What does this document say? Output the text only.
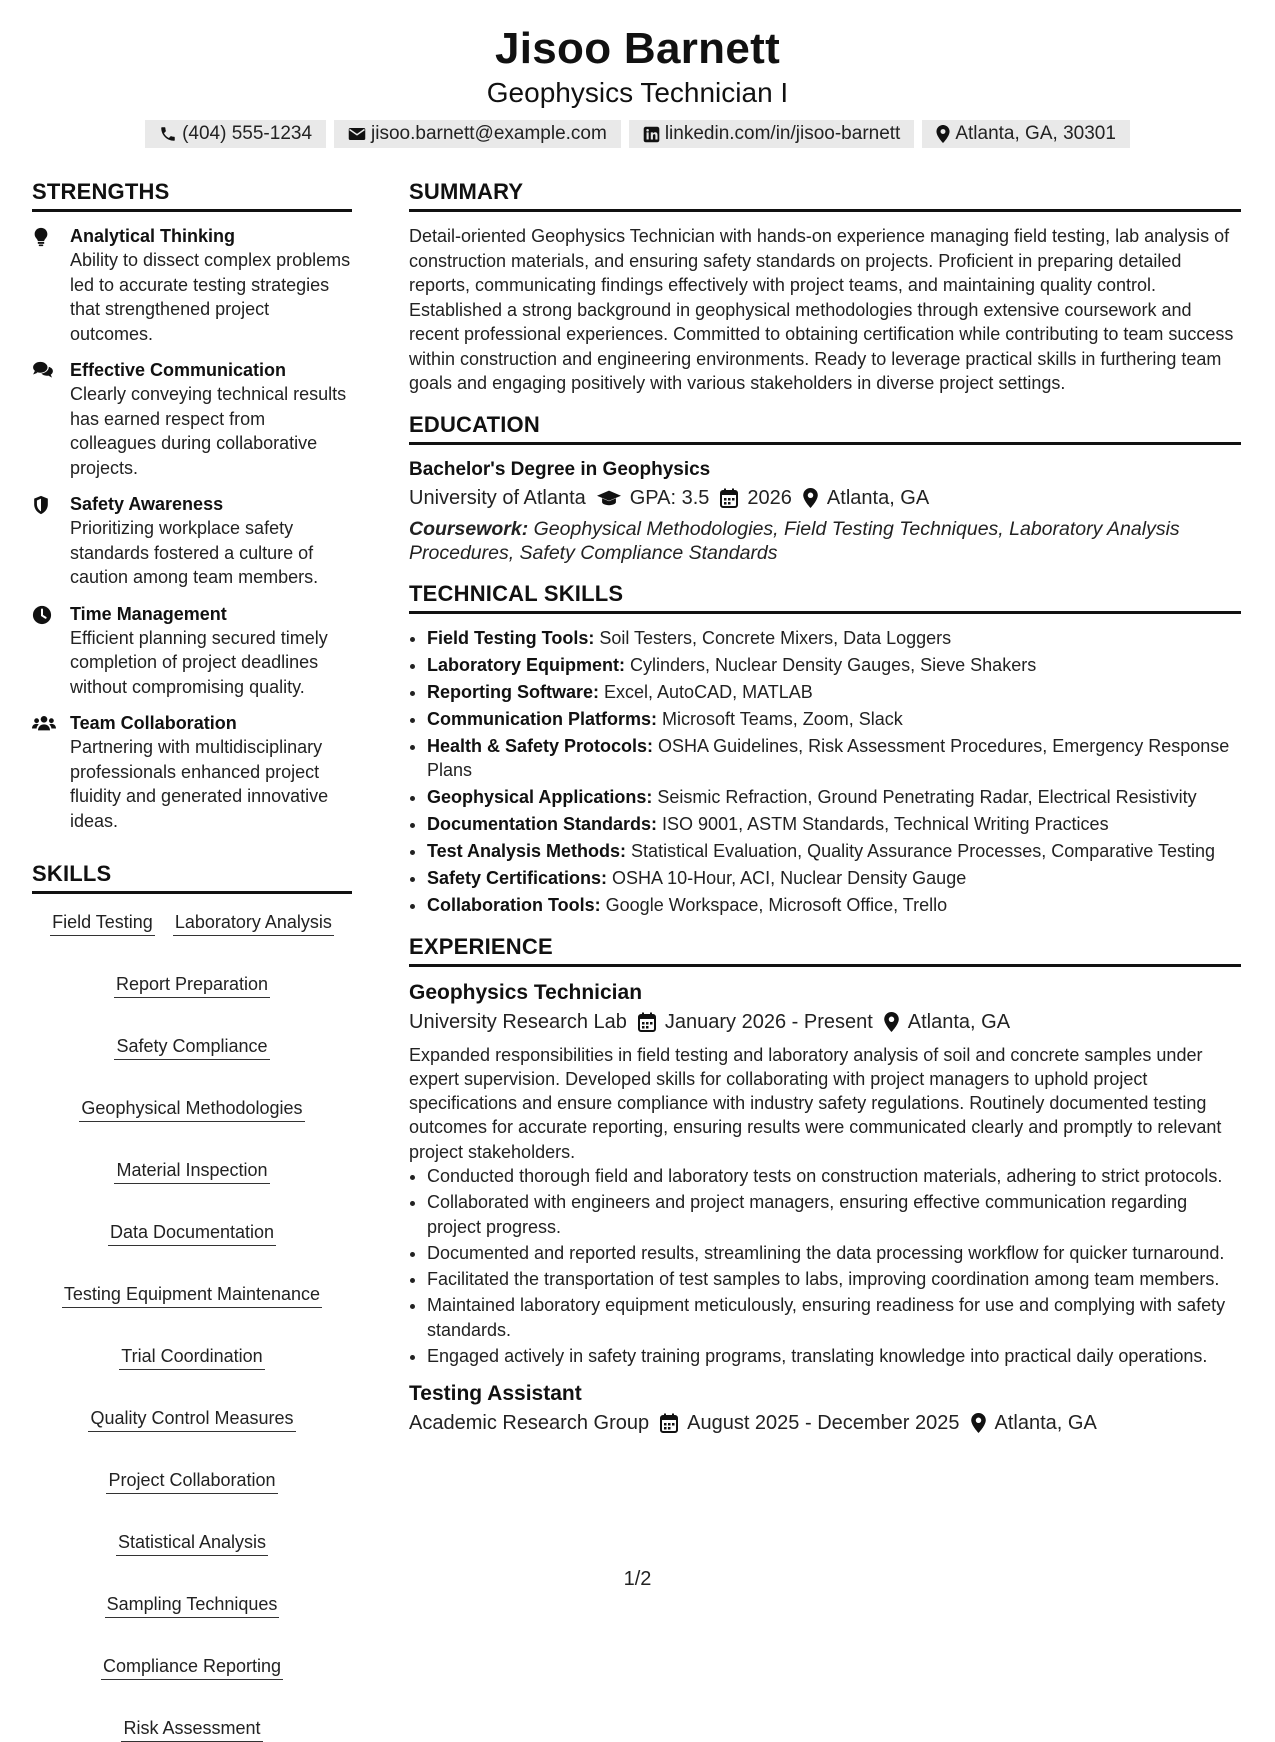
Jisoo Barnett
Geophysics Technician I
(404) 555-1234	jisoo.barnett@example.com	linkedin.com/in/jisoo-barnett	Atlanta, GA, 30301
STRENGTHS
Analytical Thinking
Ability to dissect complex problems led to accurate testing strategies that strengthened project outcomes.
Effective Communication
Clearly conveying technical results has earned respect from colleagues during collaborative projects.
Safety Awareness
Prioritizing workplace safety standards fostered a culture of caution among team members.
Time Management
Efficient planning secured timely completion of project deadlines without compromising quality.
Team Collaboration
Partnering with multidisciplinary professionals enhanced project fluidity and generated innovative ideas.
SKILLS
Field Testing Laboratory Analysis
Report Preparation
Safety Compliance
Geophysical Methodologies
Material Inspection
Data Documentation
Testing Equipment Maintenance
Trial Coordination
Quality Control Measures
Project Collaboration
Statistical Analysis
Sampling Techniques
Compliance Reporting
Risk Assessment
SUMMARY

Detail-oriented Geophysics Technician with hands-on experience managing field testing, lab analysis of construction materials, and ensuring safety standards on projects. Proficient in preparing detailed reports, communicating findings effectively with project teams, and maintaining quality control. Established a strong background in geophysical methodologies through extensive coursework and recent professional experiences. Committed to obtaining certification while contributing to team success within construction and engineering environments. Ready to leverage practical skills in furthering team goals and engaging positively with various stakeholders in diverse project settings.

EDUCATION
Bachelor's Degree in Geophysics
University of Atlanta GPA: 3.5 2026 Atlanta, GA
Coursework: Geophysical Methodologies, Field Testing Techniques, Laboratory Analysis Procedures, Safety Compliance Standards
TECHNICAL SKILLS
• Field Testing Tools: Soil Testers, Concrete Mixers, Data Loggers
• Laboratory Equipment: Cylinders, Nuclear Density Gauges, Sieve Shakers
• Reporting Software: Excel, AutoCAD, MATLAB
• Communication Platforms: Microsoft Teams, Zoom, Slack
• Health & Safety Protocols: OSHA Guidelines, Risk Assessment Procedures, Emergency Response Plans
• Geophysical Applications: Seismic Refraction, Ground Penetrating Radar, Electrical Resistivity
• Documentation Standards: ISO 9001, ASTM Standards, Technical Writing Practices
• Test Analysis Methods: Statistical Evaluation, Quality Assurance Processes, Comparative Testing
• Safety Certifications: OSHA 10-Hour, ACI, Nuclear Density Gauge
• Collaboration Tools: Google Workspace, Microsoft Office, Trello
EXPERIENCE
Geophysics Technician
University Research Lab January 2026 - Present Atlanta, GA

Expanded responsibilities in field testing and laboratory analysis of soil and concrete samples under expert supervision. Developed skills for collaborating with project managers to uphold project specifications and ensure compliance with industry safety regulations. Routinely documented testing outcomes for accurate reporting, ensuring results were communicated clearly and promptly to relevant project stakeholders.

• Conducted thorough field and laboratory tests on construction materials, adhering to strict protocols.
• Collaborated with engineers and project managers, ensuring effective communication regarding project progress.
• Documented and reported results, streamlining the data processing workflow for quicker turnaround.
• Facilitated the transportation of test samples to labs, improving coordination among team members.
• Maintained laboratory equipment meticulously, ensuring readiness for use and complying with safety standards.
• Engaged actively in safety training programs, translating knowledge into practical daily operations.
Testing Assistant
Academic Research Group August 2025 - December 2025 Atlanta, GA
1/2
